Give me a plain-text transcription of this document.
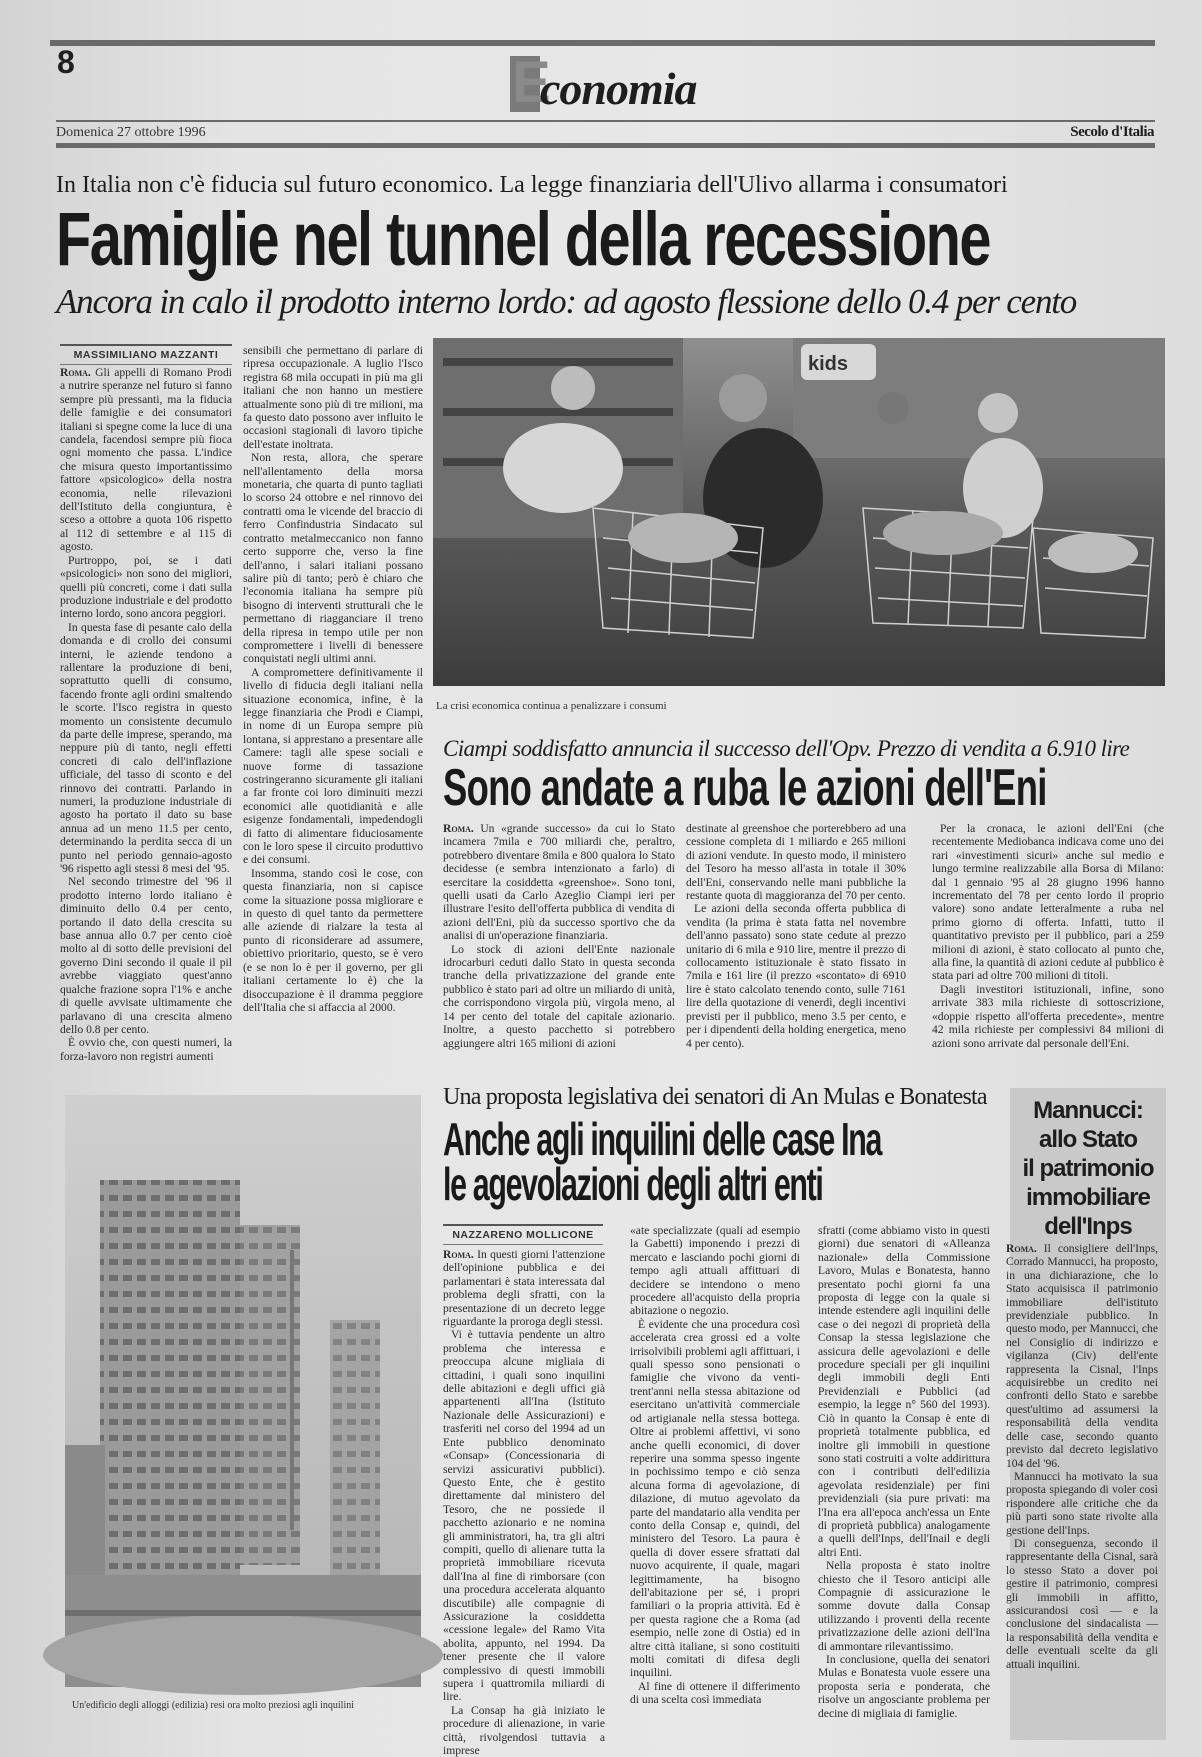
8	E
conomia
Domenica 27 ottobre 1996	Secolo d'Italia
In Italia non c'è fiducia sul futuro economico. La legge finanziaria dell'Ulivo allarma i consumatori
Famiglie nel tunnel della recessione
Ancora in calo il prodotto interno lordo: ad agosto flessione dello 0.4 per cento
MASSIMILIANO MAZZANTI

Roma. Gli appelli di Romano Prodi a nutrire speranze nel futuro si fanno sempre più pressanti, ma la fiducia delle famiglie e dei consumatori italiani si spegne come la luce di una candela, facendosi sempre più fioca ogni momento che passa. L'indice che misura questo importantissimo fattore «psicologico» della nostra economia, nelle rilevazioni dell'Istituto della congiuntura, è sceso a ottobre a quota 106 rispetto al 112 di settembre e al 115 di agosto.

Purtroppo, poi, se i dati «psicologici» non sono dei migliori, quelli più concreti, come i dati sulla produzione industriale e del prodotto interno lordo, sono ancora peggiori.

In questa fase di pesante calo della domanda e di crollo dei consumi interni, le aziende tendono a rallentare la produzione di beni, soprattutto quelli di consumo, facendo fronte agli ordini smaltendo le scorte. l'Isco registra in questo momento un consistente decumulo da parte delle imprese, sperando, ma neppure più di tanto, negli effetti concreti di calo dell'inflazione ufficiale, del tasso di sconto e del rinnovo dei contratti. Parlando in numeri, la produzione industriale di agosto ha portato il dato su base annua ad un meno 11.5 per cento, determinando la perdita secca di un punto nel periodo gennaio-agosto '96 rispetto agli stessi 8 mesi del '95.

Nel secondo trimestre del '96 il prodotto interno lordo italiano è diminuito dello 0.4 per cento, portando il dato della crescita su base annua allo 0.7 per cento cioè molto al di sotto delle previsioni del governo Dini secondo il quale il pil avrebbe viaggiato quest'anno qualche frazione sopra l'1% e anche di quelle avvisate ultimamente che parlavano di una crescita almeno dello 0.8 per cento.

È ovvio che, con questi numeri, la forza-lavoro non registri aumenti

sensibili che permettano di parlare di ripresa occupazionale. A luglio l'Isco registra 68 mila occupati in più ma gli italiani che non hanno un mestiere attualmente sono più di tre milioni, ma fa questo dato possono aver influito le occasioni stagionali di lavoro tipiche dell'estate inoltrata.

Non resta, allora, che sperare nell'allentamento della morsa monetaria, che quarta di punto tagliati lo scorso 24 ottobre e nel rinnovo dei contratti oma le vicende del braccio di ferro Confindustria Sindacato sul contratto metalmeccanico non fanno certo supporre che, verso la fine dell'anno, i salari italiani possano salire più di tanto; però è chiaro che l'economia italiana ha sempre più bisogno di interventi strutturali che le permettano di riagganciare il treno della ripresa in tempo utile per non compromettere i livelli di benessere conquistati negli ultimi anni.

A compromettere definitivamente il livello di fiducia degli italiani nella situazione economica, infine, è la legge finanziaria che Prodi e Ciampi, in nome di un Europa sempre più lontana, si apprestano a presentare alle Camere: tagli alle spese sociali e nuove forme di tassazione costringeranno sicuramente gli italiani a far fronte coi loro diminuiti mezzi economici alle quotidianità e alle esigenze fondamentali, impedendogli di fatto di alimentare fiduciosamente con le loro spese il circuito produttivo e dei consumi.

Insomma, stando così le cose, con questa finanziaria, non si capisce come la situazione possa migliorare e in questo di quel tanto da permettere alle aziende di rialzare la testa al punto di riconsiderare ad assumere, obiettivo prioritario, questo, se è vero (e se non lo è per il governo, per gli italiani certamente lo è) che la disoccupazione è il dramma peggiore dell'Italia che si affaccia al 2000.

kids
La crisi economica continua a penalizzare i consumi
Ciampi soddisfatto annuncia il successo dell'Opv. Prezzo di vendita a 6.910 lire
Sono andate a ruba le azioni dell'Eni

Roma. Un «grande successo» da cui lo Stato incamera 7mila e 700 miliardi che, peraltro, potrebbero diventare 8mila e 800 qualora lo Stato decidesse (e sembra intenzionato a farlo) di esercitare la cosiddetta «greenshoe». Sono toni, quelli usati da Carlo Azeglio Ciampi ieri per illustrare l'esito dell'offerta pubblica di vendita di azioni dell'Eni, più da successo sportivo che da analisi di un'operazione finanziaria.

Lo stock di azioni dell'Ente nazionale idrocarburi ceduti dallo Stato in questa seconda tranche della privatizzazione del grande ente pubblico è stato pari ad oltre un miliardo di unità, che corrispondono virgola più, virgola meno, al 14 per cento del totale del capitale azionario. Inoltre, a questo pacchetto si potrebbero aggiungere altri 165 milioni di azioni

destinate al greenshoe che porterebbero ad una cessione completa di 1 miliardo e 265 milioni di azioni vendute. In questo modo, il ministero del Tesoro ha messo all'asta in totale il 30% dell'Eni, conservando nelle mani pubbliche la restante quota di maggioranza del 70 per cento.

Le azioni della seconda offerta pubblica di vendita (la prima è stata fatta nel novembre dell'anno passato) sono state cedute al prezzo unitario di 6 mila e 910 lire, mentre il prezzo di collocamento istituzionale è stato fissato in 7mila e 161 lire (il prezzo «scontato» di 6910 lire è stato calcolato tenendo conto, sulle 7161 lire della quotazione di venerdì, degli incentivi previsti per il pubblico, meno 3.5 per cento, e per i dipendenti della holding energetica, meno 4 per cento).

Per la cronaca, le azioni dell'Eni (che recentemente Mediobanca indicava come uno dei rari «investimenti sicuri» anche sul medio e lungo termine realizzabile alla Borsa di Milano: dal 1 gennaio '95 al 28 giugno 1996 hanno incrementato del 78 per cento lordo il proprio valore) sono andate letteralmente a ruba nel primo giorno di offerta. Infatti, tutto il quantitativo previsto per il pubblico, pari a 259 milioni di azioni, è stato collocato al punto che, alla fine, la quantità di azioni cedute al pubblico è stata pari ad oltre 700 milioni di titoli.

Dagli investitori istituzionali, infine, sono arrivate 383 mila richieste di sottoscrizione, «doppie rispetto all'offerta precedente», mentre 42 mila richieste per complessivi 84 milioni di azioni sono arrivate dal personale dell'Eni.

Un'edificio degli alloggi (edilizia) resi ora molto preziosi agli inquilini
Una proposta legislativa dei senatori di An Mulas e Bonatesta
Anche agli inquilini delle case Ina
le agevolazioni degli altri enti
NAZZARENO MOLLICONE

Roma. In questi giorni l'attenzione dell'opinione pubblica e dei parlamentari è stata interessata dal problema degli sfratti, con la presentazione di un decreto legge riguardante la proroga degli stessi.

Vi è tuttavia pendente un altro problema che interessa e preoccupa alcune migliaia di cittadini, i quali sono inquilini delle abitazioni e degli uffici già appartenenti all'Ina (Istituto Nazionale delle Assicurazioni) e trasferiti nel corso del 1994 ad un Ente pubblico denominato «Consap» (Concessionaria di servizi assicurativi pubblici). Questo Ente, che è gestito direttamente dal ministero del Tesoro, che ne possiede il pacchetto azionario e ne nomina gli amministratori, ha, tra gli altri compiti, quello di alienare tutta la proprietà immobiliare ricevuta dall'Ina al fine di rimborsare (con una procedura accelerata alquanto discutibile) alle compagnie di Assicurazione la cosiddetta «cessione legale» del Ramo Vita abolita, appunto, nel 1994. Da tener presente che il valore complessivo di questi immobili supera i quattromila miliardi di lire.

La Consap ha già iniziato le procedure di alienazione, in varie città, rivolgendosi tuttavia a imprese

«ate specializzate (quali ad esempio la Gabetti) imponendo i prezzi di mercato e lasciando pochi giorni di tempo agli attuali affittuari di decidere se intendono o meno procedere all'acquisto della propria abitazione o negozio.

È evidente che una procedura così accelerata crea grossi ed a volte irrisolvibili problemi agli affittuari, i quali spesso sono pensionati o famiglie che vivono da venti-trent'anni nella stessa abitazione od esercitano un'attività commerciale od artigianale nella stessa bottega. Oltre ai problemi affettivi, vi sono anche quelli economici, di dover reperire una somma spesso ingente in pochissimo tempo e ciò senza alcuna forma di agevolazione, di dilazione, di mutuo agevolato da parte del mandatario alla vendita per conto della Consap e, quindi, del ministero del Tesoro. La paura è quella di dover essere sfrattati dal nuovo acquirente, il quale, magari legittimamente, ha bisogno dell'abitazione per sé, i propri familiari o la propria attività. Ed è per questa ragione che a Roma (ad esempio, nelle zone di Ostia) ed in altre città italiane, si sono costituiti molti comitati di difesa degli inquilini.

Al fine di ottenere il differimento di una scelta così immediata

sfratti (come abbiamo visto in questi giorni) due senatori di «Alleanza nazionale» della Commissione Lavoro, Mulas e Bonatesta, hanno presentato pochi giorni fa una proposta di legge con la quale si intende estendere agli inquilini delle case o dei negozi di proprietà della Consap la stessa legislazione che assicura delle agevolazioni e delle procedure speciali per gli inquilini degli immobili degli Enti Previdenziali e Pubblici (ad esempio, la legge n° 560 del 1993). Ciò in quanto la Consap è ente di proprietà totalmente pubblica, ed inoltre gli immobili in questione sono stati costruiti a volte addirittura con i contributi dell'edilizia agevolata residenziale) per fini previdenziali (sia pure privati: ma l'Ina era all'epoca anch'essa un Ente di proprietà pubblica) analogamente a quelli dell'Inps, dell'Inail e degli altri Enti.

Nella proposta è stato inoltre chiesto che il Tesoro anticipi alle Compagnie di assicurazione le somme dovute dalla Consap utilizzando i proventi della recente privatizzazione delle azioni dell'Ina di ammontare rilevantissimo.

In conclusione, quella dei senatori Mulas e Bonatesta vuole essere una proposta seria e ponderata, che risolve un angosciante problema per decine di migliaia di famiglie.

Mannucci:
allo Stato
il patrimonio
immobiliare
dell'Inps

Roma. Il consigliere dell'Inps, Corrado Mannucci, ha proposto, in una dichiarazione, che lo Stato acquisisca il patrimonio immobiliare dell'istituto previdenziale pubblico. In questo modo, per Mannucci, che nel Consiglio di indirizzo e vigilanza (Civ) dell'ente rappresenta la Cisnal, l'Inps acquisirebbe un credito nei confronti dello Stato e sarebbe quest'ultimo ad assumersi la responsabilità della vendita delle case, secondo quanto previsto dal decreto legislativo 104 del '96.

Mannucci ha motivato la sua proposta spiegando di voler così rispondere alle critiche che da più parti sono state rivolte alla gestione dell'Inps.

Di conseguenza, secondo il rappresentante della Cisnal, sarà lo stesso Stato a dover poi gestire il patrimonio, compresi gli immobili in affitto, assicurandosi così — e la conclusione del sindacalista — la responsabilità della vendita e delle eventuali scelte da gli attuali inquilini.
